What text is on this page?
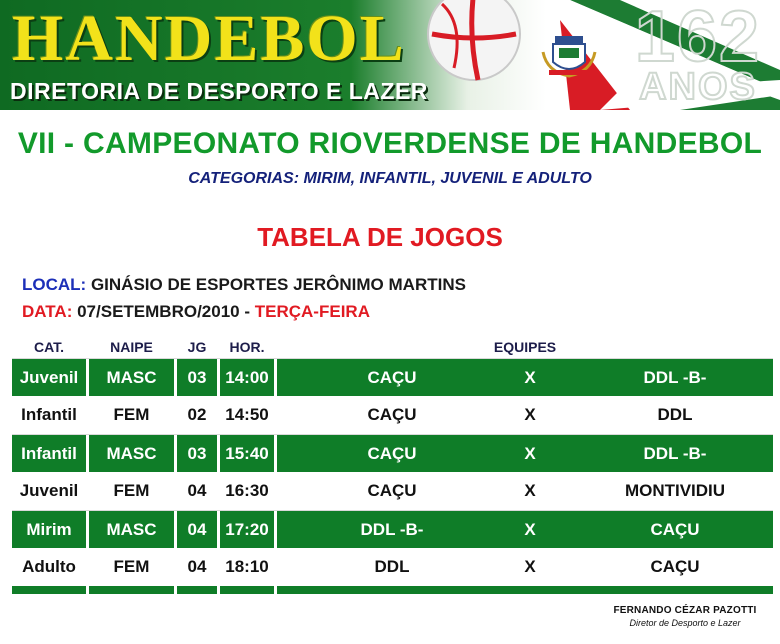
HANDEBOL
DIRETORIA DE DESPORTO E LAZER
162
ANOS
VII - CAMPEONATO RIOVERDENSE DE HANDEBOL
CATEGORIAS: MIRIM, INFANTIL, JUVENIL E ADULTO
TABELA DE JOGOS
LOCAL: GINÁSIO DE ESPORTES JERÔNIMO MARTINS
DATA: 07/SETEMBRO/2010 - TERÇA-FEIRA
CAT.	NAIPE	JG	HOR.	EQUIPES
Juvenil	MASC	03	14:00	CAÇU	X	DDL -B-
Infantil	FEM	02	14:50	CAÇU	X	DDL
Infantil	MASC	03	15:40	CAÇU	X	DDL -B-
Juvenil	FEM	04	16:30	CAÇU	X	MONTIVIDIU
Mirim	MASC	04	17:20	DDL -B-	X	CAÇU
Adulto	FEM	04	18:10	DDL	X	CAÇU
FERNANDO CÉZAR PAZOTTI
Diretor de Desporto e Lazer
